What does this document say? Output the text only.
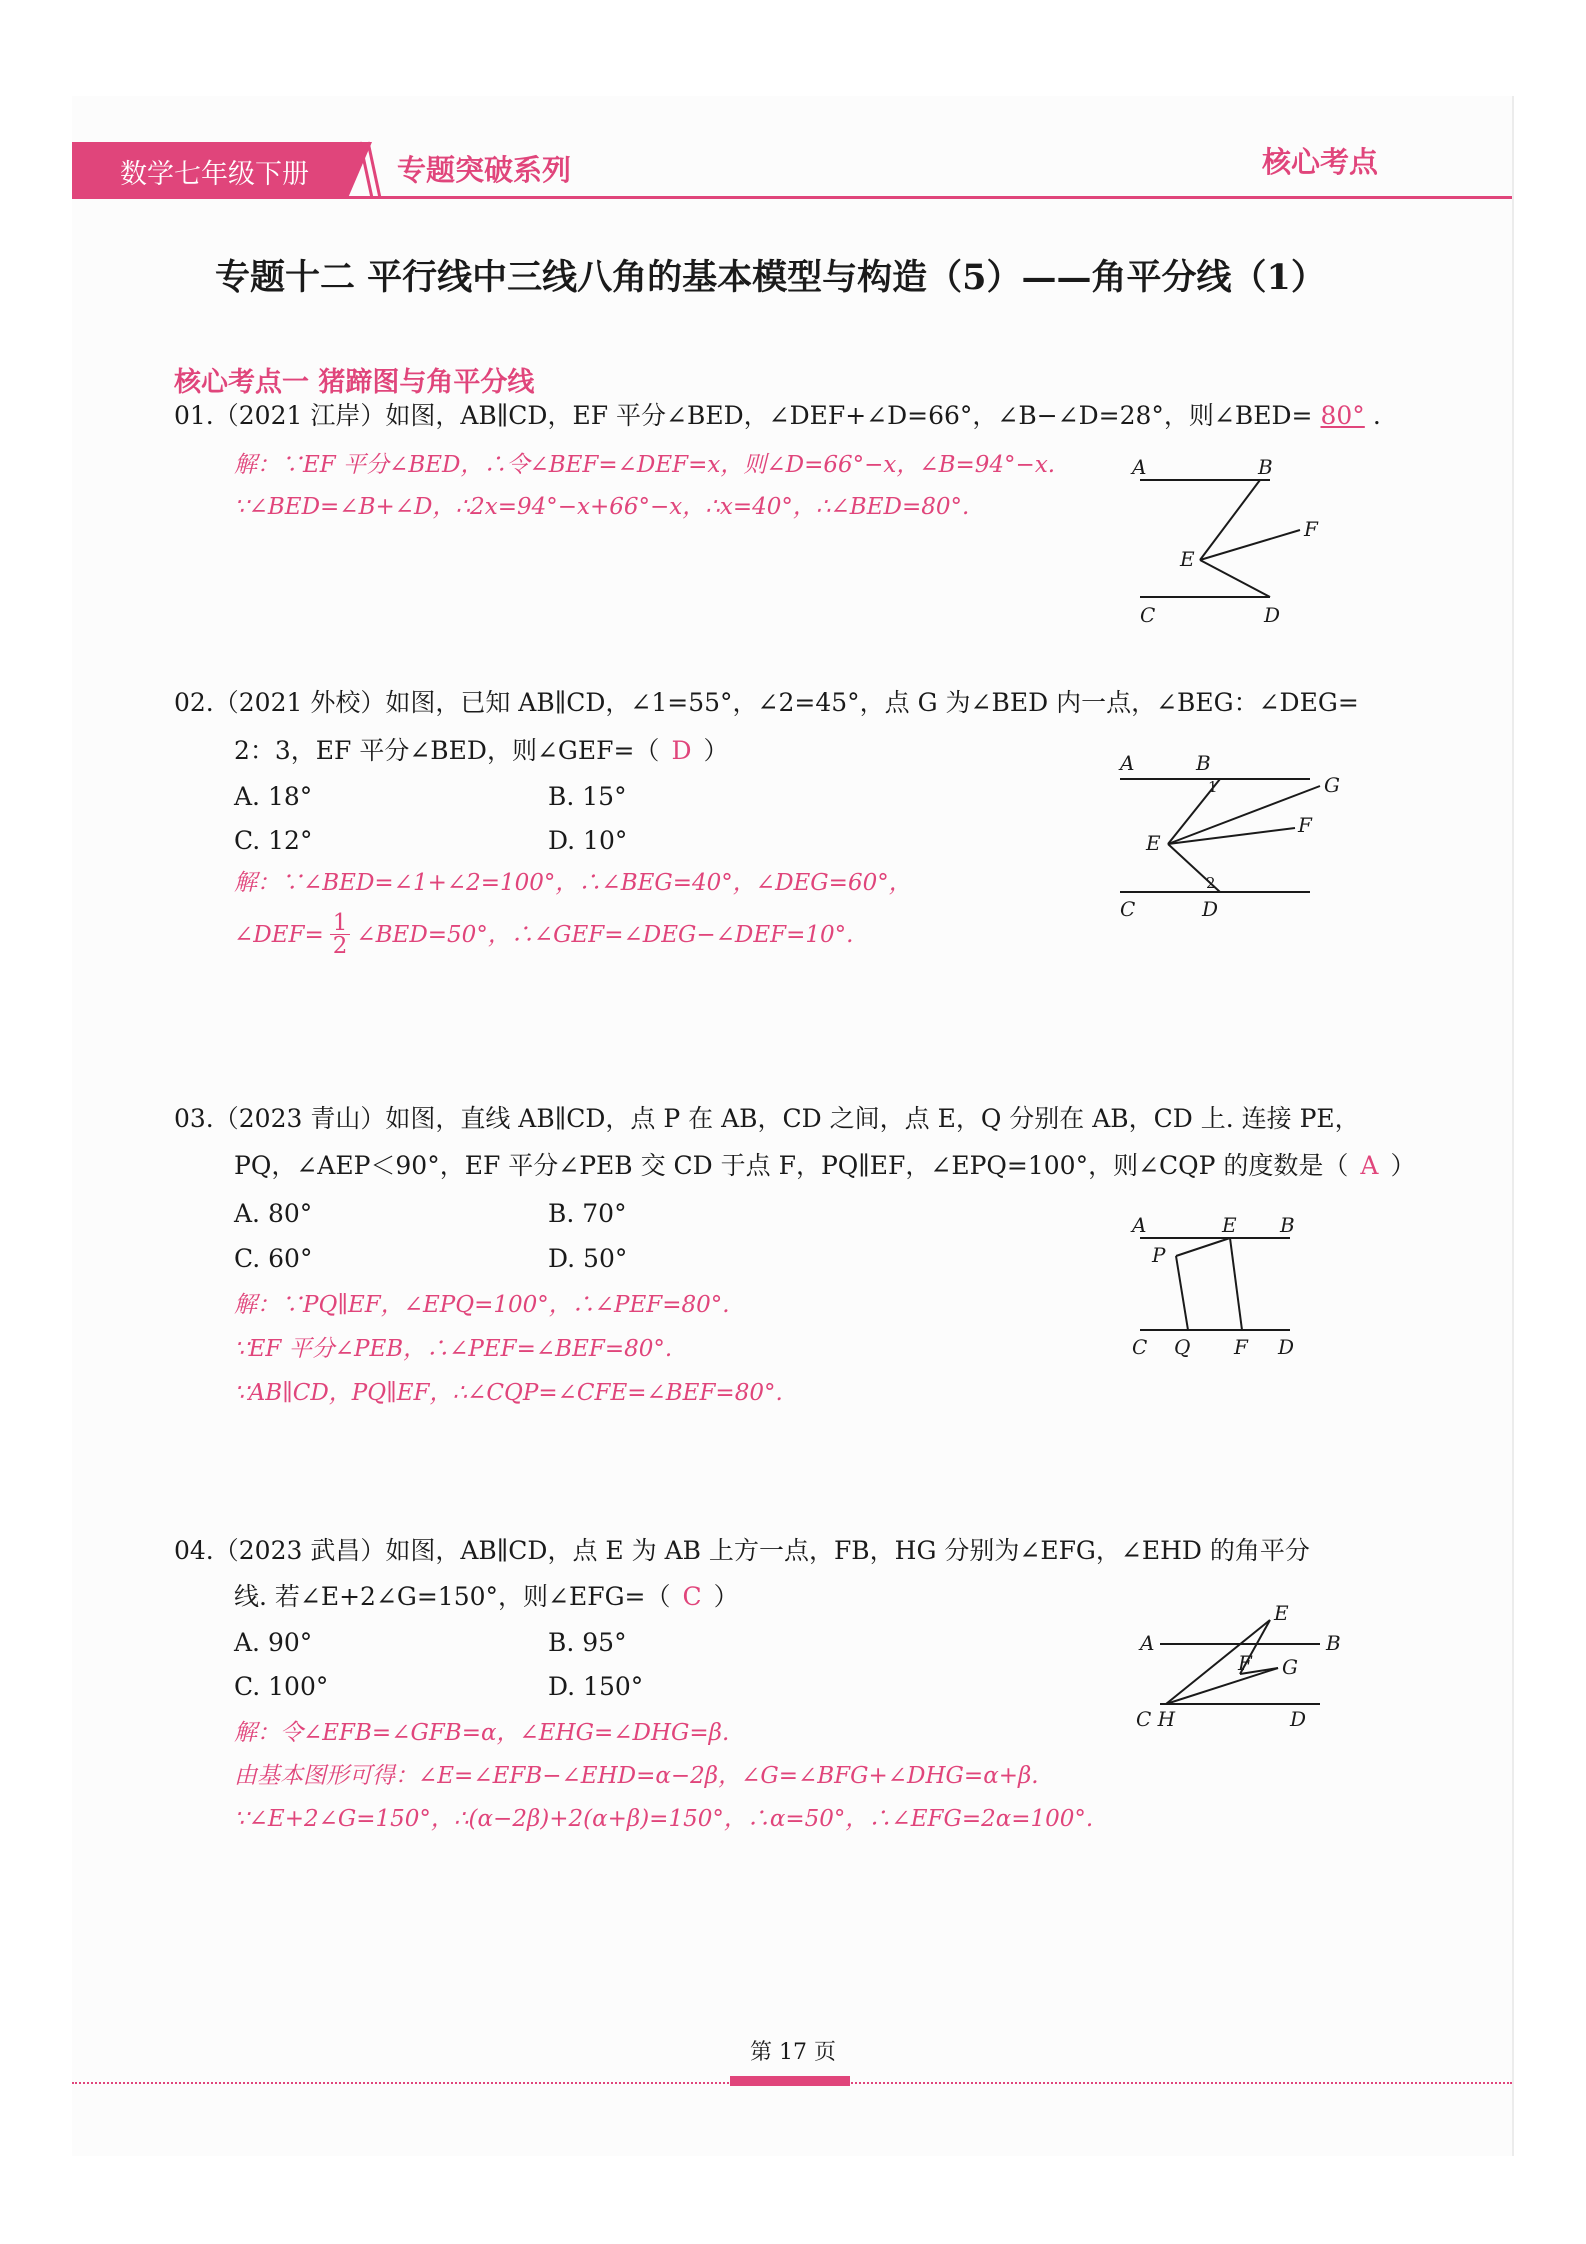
数学七年级下册	专题突破系列	核心考点
专题十二 平行线中三线八角的基本模型与构造（5）——角平分线（1）
核心考点一 猪蹄图与角平分线
01.（2021 江岸）如图，AB∥CD，EF 平分∠BED，∠DEF+∠D=66°，∠B−∠D=28°，则∠BED= 80° .
解：∵EF 平分∠BED，∴令∠BEF=∠DEF=x，则∠D=66°−x，∠B=94°−x.
∵∠BED=∠B+∠D，∴2x=94°−x+66°−x，∴x=40°，∴∠BED=80°.
A	B
F
E
C	D
02.（2021 外校）如图，已知 AB∥CD，∠1=55°，∠2=45°，点 G 为∠BED 内一点，∠BEG：∠DEG=
2：3，EF 平分∠BED，则∠GEF=（ D ）
A. 18°	B. 15°
C. 12°	D. 10°
解：∵∠BED=∠1+∠2=100°，∴∠BEG=40°，∠DEG=60°，
∠DEF= $\frac{1}{2}$ ∠BED=50°，∴∠GEF=∠DEG−∠DEF=10°.
A	B
1	G
F
E
2
C	D
03.（2023 青山）如图，直线 AB∥CD，点 P 在 AB，CD 之间，点 E，Q 分别在 AB，CD 上. 连接 PE，
PQ，∠AEP＜90°，EF 平分∠PEB 交 CD 于点 F，PQ∥EF，∠EPQ=100°，则∠CQP 的度数是（ A ）
A. 80°	B. 70°
C. 60°	D. 50°
解：∵PQ∥EF，∠EPQ=100°，∴∠PEF=80°.
∵EF 平分∠PEB，∴∠PEF=∠BEF=80°.
∵AB∥CD，PQ∥EF，∴∠CQP=∠CFE=∠BEF=80°.
A	E B
P
C Q F D
04.（2023 武昌）如图，AB∥CD，点 E 为 AB 上方一点，FB，HG 分别为∠EFG，∠EHD 的角平分
线. 若∠E+2∠G=150°，则∠EFG=（ C ）
A. 90°	B. 95°
C. 100°	D. 150°
解：令∠EFB=∠GFB=α，∠EHG=∠DHG=β.
由基本图形可得：∠E=∠EFB−∠EHD=α−2β，∠G=∠BFG+∠DHG=α+β.
∵∠E+2∠G=150°，∴(α−2β)+2(α+β)=150°，∴α=50°，∴∠EFG=2α=100°.
A
E
B
F G
C H	D
第 17 页
